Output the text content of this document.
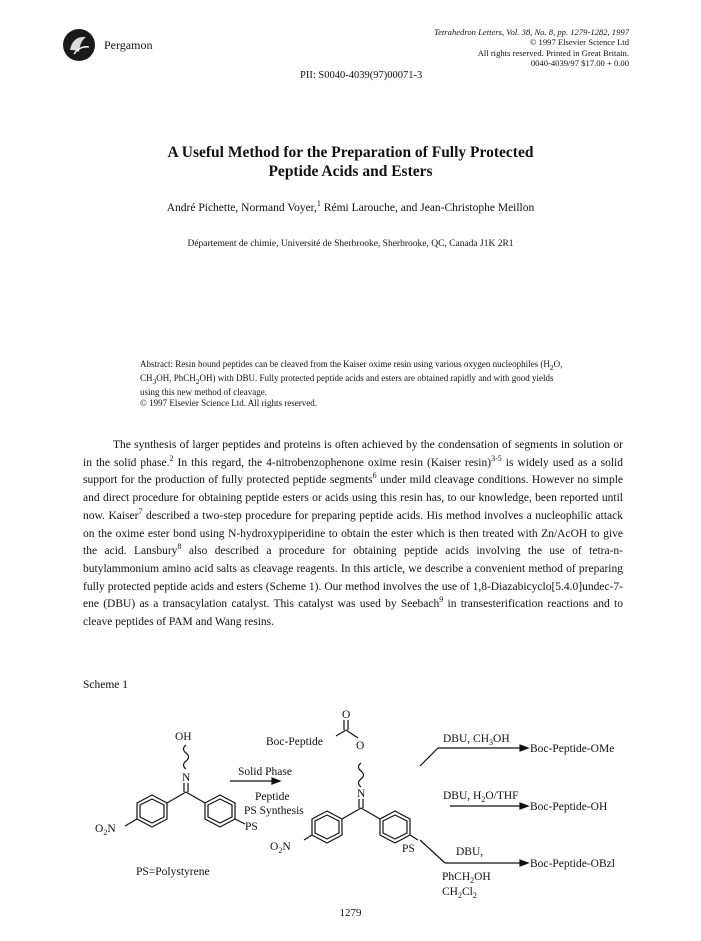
Pergamon
Tetrahedron Letters, Vol. 38, No. 8, pp. 1279-1282, 1997
© 1997 Elsevier Science Ltd
All rights reserved. Printed in Great Britain.
0040-4039/97 $17.00 + 0.00
PII: S0040-4039(97)00071-3
A Useful Method for the Preparation of Fully Protected
Peptide Acids and Esters
André Pichette, Normand Voyer,$^1$ Rémi Larouche, and Jean-Christophe Meillon
Département de chimie, Université de Sherbrooke, Sherbrooke, QC, Canada J1K 2R1
Abstract: Resin bound peptides can be cleaved from the Kaiser oxime resin using various oxygen nucleophiles ($H_2O$, $CH_3OH$, PhCH$_2$OH) with DBU. Fully protected peptide acids and esters are obtained rapidly and with good yields using this new method of cleavage.
© 1997 Elsevier Science Ltd. All rights reserved.

The synthesis of larger peptides and proteins is often achieved by the condensation of segments in solution or in the solid phase.$^2$ In this regard, the 4-nitrobenzophenone oxime resin (Kaiser resin)$^{3-5}$ is widely used as a solid support for the production of fully protected peptide segments$^6$ under mild cleavage conditions. However no simple and direct procedure for obtaining peptide esters or acids using this resin has, to our knowledge, been reported until now. Kaiser$^7$ described a two-step procedure for preparing peptide acids. His method involves a nucleophilic attack on the oxime ester bond using N-hydroxypiperidine to obtain the ester which is then treated with Zn/AcOH to give the acid. Lansbury$^8$ also described a procedure for obtaining peptide acids involving the use of tetra-n-butylammonium amino acid salts as cleavage reagents. In this article, we describe a convenient method of preparing fully protected peptide acids and esters (Scheme 1). Our method involves the use of 1,8-Diazabicyclo[5.4.0]undec-7-ene (DBU) as a transacylation catalyst. This catalyst was used by Seebach$^9$ in transesterification reactions and to cleave peptides of PAM and Wang resins.

Scheme 1
OH
N
$O_2N$	PS
PS=Polystyrene
Solid Phase
Peptide
PS Synthesis
O
Boc-Peptide	O
N
$O_2N$	PS
DBU, $CH_3OH$
Boc-Peptide-OMe
DBU, $H_2O$/THF
Boc-Peptide-OH
DBU,
Boc-Peptide-OBzl
PhCH$_2$OH
$CH_2Cl_2$
1279
